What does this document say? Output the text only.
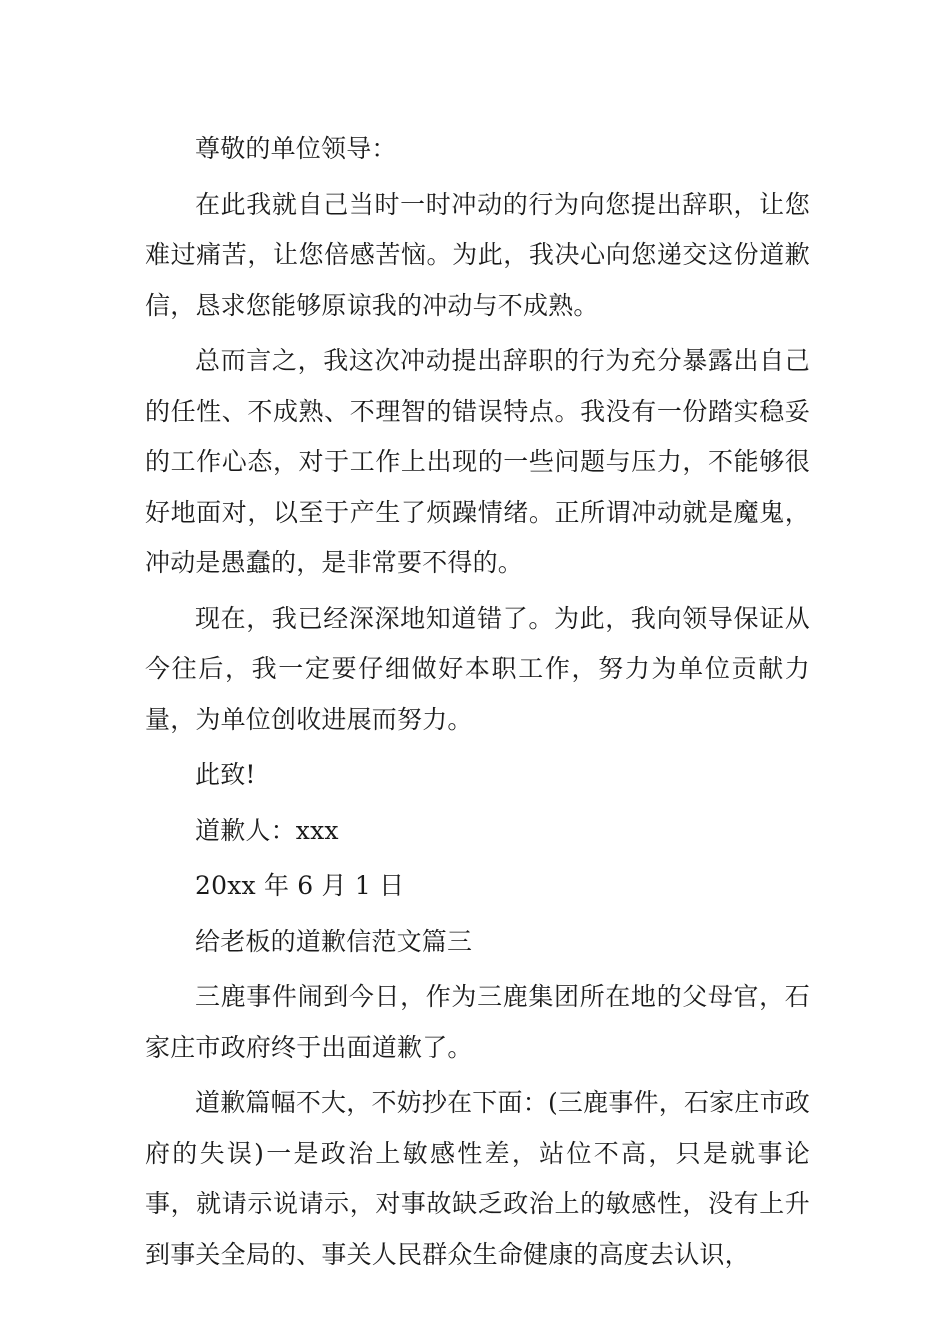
尊敬的单位领导：

在此我就自己当时一时冲动的行为向您提出辞职，让您难过痛苦，让您倍感苦恼。为此，我决心向您递交这份道歉信，恳求您能够原谅我的冲动与不成熟。

总而言之，我这次冲动提出辞职的行为充分暴露出自己的任性、不成熟、不理智的错误特点。我没有一份踏实稳妥的工作心态，对于工作上出现的一些问题与压力，不能够很好地面对，以至于产生了烦躁情绪。正所谓冲动就是魔鬼，冲动是愚蠢的，是非常要不得的。

现在，我已经深深地知道错了。为此，我向领导保证从今往后，我一定要仔细做好本职工作，努力为单位贡献力量，为单位创收进展而努力。

此致!

道歉人：xxx

20xx 年 6 月 1 日

给老板的道歉信范文篇三

三鹿事件闹到今日，作为三鹿集团所在地的父母官，石家庄市政府终于出面道歉了。

道歉篇幅不大，不妨抄在下面：(三鹿事件，石家庄市政府的失误)一是政治上敏感性差，站位不高，只是就事论事，就请示说请示，对事故缺乏政治上的敏感性，没有上升到事关全局的、事关人民群众生命健康的高度去认识，
